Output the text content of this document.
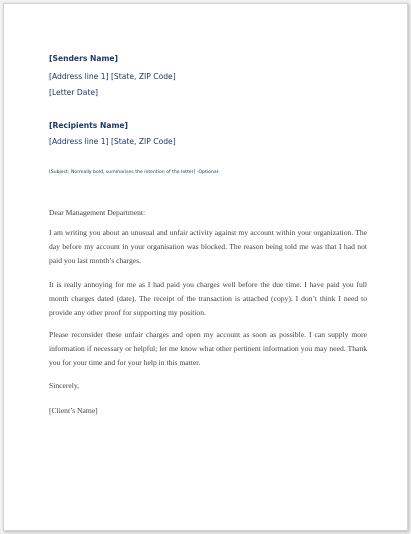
[Senders Name]
[Address line 1] [State, ZIP Code]
[Letter Date]
[Recipients Name]
[Address line 1] [State, ZIP Code]
[Subject: Normally bold, summarises the intention of the letter] -Optional-
Dear Management Department:
I am writing you about an unusual and unfair activity against my account within your organization. The day before my account in your organisation was blocked. The reason being told me was that I had not paid you last month’s charges.
It is really annoying for me as I had paid you charges well before the due time. I have paid you full month charges dated (date). The receipt of the transaction is attached (copy). I don’t think I need to provide any other proof for supporting my position.
Please reconsider these unfair charges and open my account as soon as possible. I can supply more information if necessary or helpful; let me know what other pertinent information you may need. Thank you for your time and for your help in this matter.
Sincerely,
[Client’s Name]
